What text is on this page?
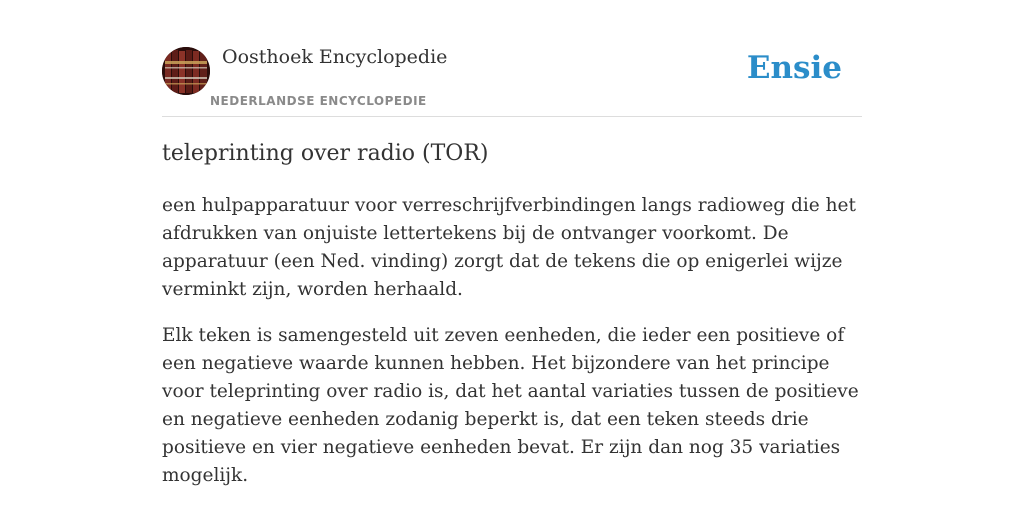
Oosthoek Encyclopedie
NEDERLANDSE ENCYCLOPEDIE
Ensie
teleprinting over radio (TOR)

een hulpapparatuur voor verreschrijfverbindingen langs radioweg die het afdrukken van onjuiste lettertekens bij de ontvanger voorkomt. De apparatuur (een Ned. vinding) zorgt dat de tekens die op enigerlei wijze verminkt zijn, worden herhaald.

Elk teken is samengesteld uit zeven eenheden, die ieder een positieve of een negatieve waarde kunnen hebben. Het bijzondere van het principe voor teleprinting over radio is, dat het aantal variaties tussen de positieve en negatieve eenheden zodanig beperkt is, dat een teken steeds drie positieve en vier negatieve eenheden bevat. Er zijn dan nog 35 variaties mogelijk.
